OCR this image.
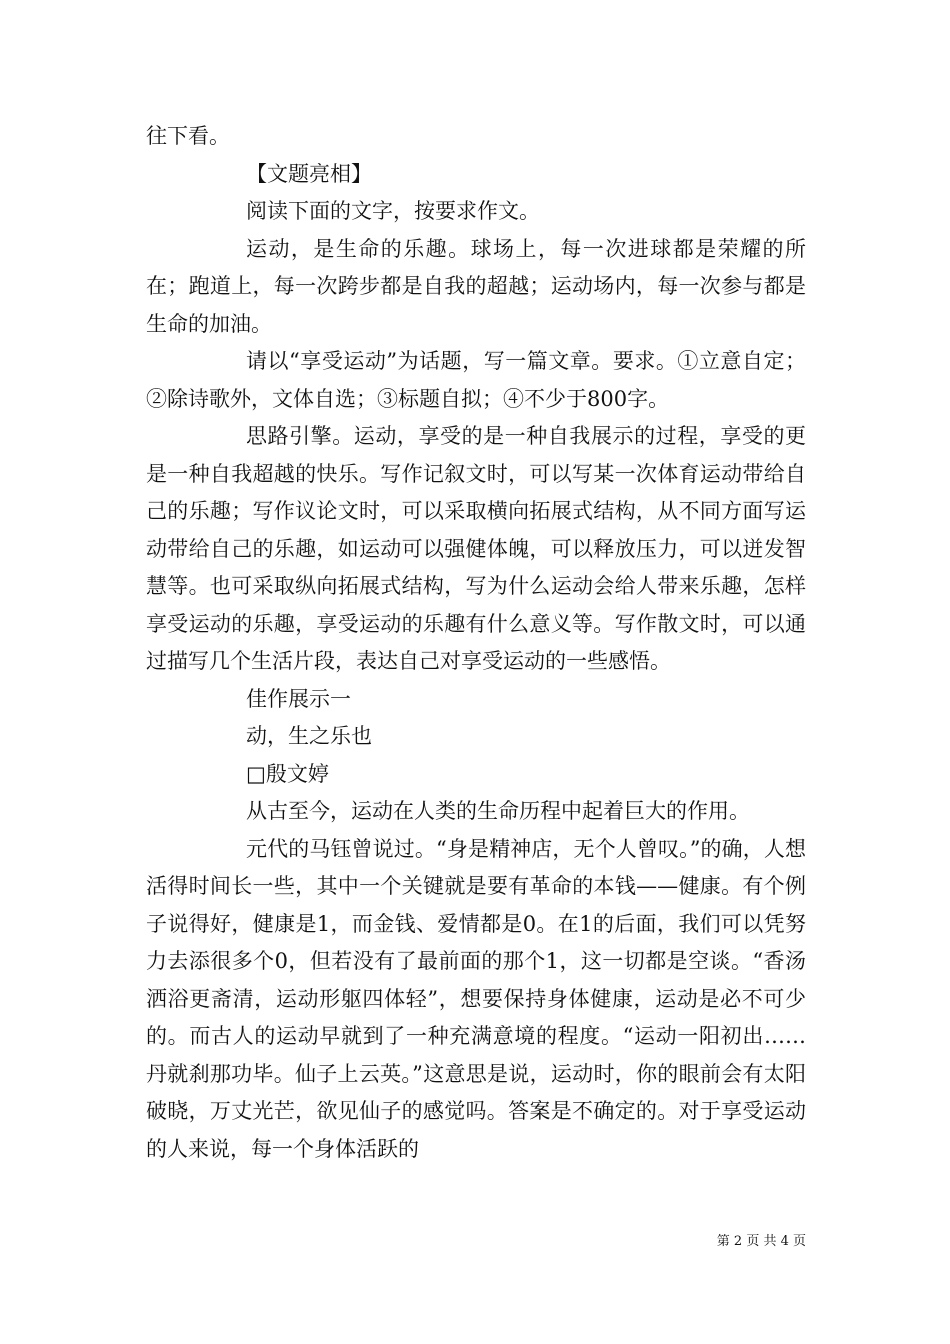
往下看。

【文题亮相】

阅读下面的文字，按要求作文。

运动，是生命的乐趣。球场上，每一次进球都是荣耀的所在；跑道上，每一次跨步都是自我的超越；运动场内，每一次参与都是生命的加油。

请以“享受运动”为话题，写一篇文章。要求。①立意自定；②除诗歌外，文体自选；③标题自拟；④不少于800字。

思路引擎。运动，享受的是一种自我展示的过程，享受的更是一种自我超越的快乐。写作记叙文时，可以写某一次体育运动带给自己的乐趣；写作议论文时，可以采取横向拓展式结构，从不同方面写运动带给自己的乐趣，如运动可以强健体魄，可以释放压力，可以迸发智慧等。也可采取纵向拓展式结构，写为什么运动会给人带来乐趣，怎样享受运动的乐趣，享受运动的乐趣有什么意义等。写作散文时，可以通过描写几个生活片段，表达自己对享受运动的一些感悟。

佳作展示一

动，生之乐也

□殷文婷

从古至今，运动在人类的生命历程中起着巨大的作用。

元代的马钰曾说过。“身是精神店，无个人曾叹。”的确，人想活得时间长一些，其中一个关键就是要有革命的本钱——健康。有个例子说得好，健康是1，而金钱、爱情都是0。在1的后面，我们可以凭努力去添很多个0，但若没有了最前面的那个1，这一切都是空谈。“香汤洒浴更斋清，运动形躯四体轻”，想要保持身体健康，运动是必不可少的。而古人的运动早就到了一种充满意境的程度。“运动一阳初出……丹就刹那功毕。仙子上云英。”这意思是说，运动时，你的眼前会有太阳破晓，万丈光芒，欲见仙子的感觉吗。答案是不确定的。对于享受运动的人来说，每一个身体活跃的

第 2 页 共 4 页
